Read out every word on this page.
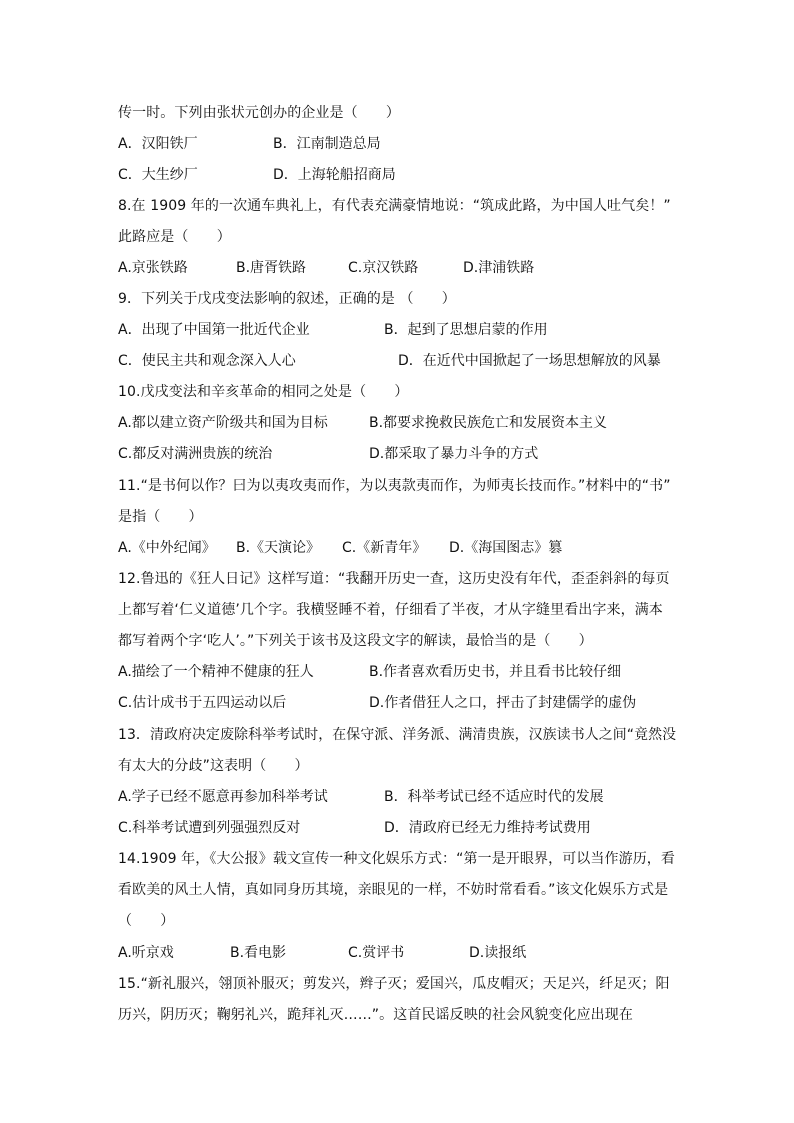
传一时。下列由张状元创办的企业是（　　）
A．汉阳铁厂	B．江南制造总局
C．大生纱厂	D．上海轮船招商局
8.在 1909 年的一次通车典礼上，有代表充满豪情地说：“筑成此路，为中国人吐气矣！”
此路应是（　　）
A.京张铁路	B.唐胥铁路	C.京汉铁路	D.津浦铁路
9．下列关于戊戌变法影响的叙述，正确的是 （　　）
A．出现了中国第一批近代企业	B．起到了思想启蒙的作用
C．使民主共和观念深入人心	D．在近代中国掀起了一场思想解放的风暴
10.戊戌变法和辛亥革命的相同之处是（　　）
A.都以建立资产阶级共和国为目标	B.都要求挽救民族危亡和发展资本主义
C.都反对满洲贵族的统治	D.都采取了暴力斗争的方式
11.“是书何以作？曰为以夷攻夷而作，为以夷款夷而作，为师夷长技而作。”材料中的“书”
是指（　　）
A.《中外纪闻》 B.《天演论》 C.《新青年》 D.《海国图志》篡
12.鲁迅的《狂人日记》这样写道：“我翻开历史一查，这历史没有年代，歪歪斜斜的每页
上都写着‘仁义道德’几个字。我横竖睡不着，仔细看了半夜，才从字缝里看出字来，满本
都写着两个字‘吃人’。”下列关于该书及这段文字的解读，最恰当的是（　　）
A.描绘了一个精神不健康的狂人	B.作者喜欢看历史书，并且看书比较仔细
C.估计成书于五四运动以后	D.作者借狂人之口，抨击了封建儒学的虚伪
13．清政府决定废除科举考试时，在保守派、洋务派、满清贵族，汉族读书人之间“竟然没
有太大的分歧”这表明（　　）
A.学子已经不愿意再参加科举考试	B．科举考试已经不适应时代的发展
C.科举考试遭到列强强烈反对	D．清政府已经无力维持考试费用
14.1909 年，《大公报》载文宣传一种文化娱乐方式：“第一是开眼界，可以当作游历，看
看欧美的风土人情，真如同身历其境，亲眼见的一样，不妨时常看看。”该文化娱乐方式是
（　　）
A.听京戏	B.看电影	C.赏评书	D.读报纸
15.“新礼服兴，翎顶补服灭；剪发兴，辫子灭；爱国兴，瓜皮帽灭；天足兴，纤足灭；阳
历兴，阴历灭；鞠躬礼兴，跪拜礼灭……”。这首民谣反映的社会风貌变化应出现在
